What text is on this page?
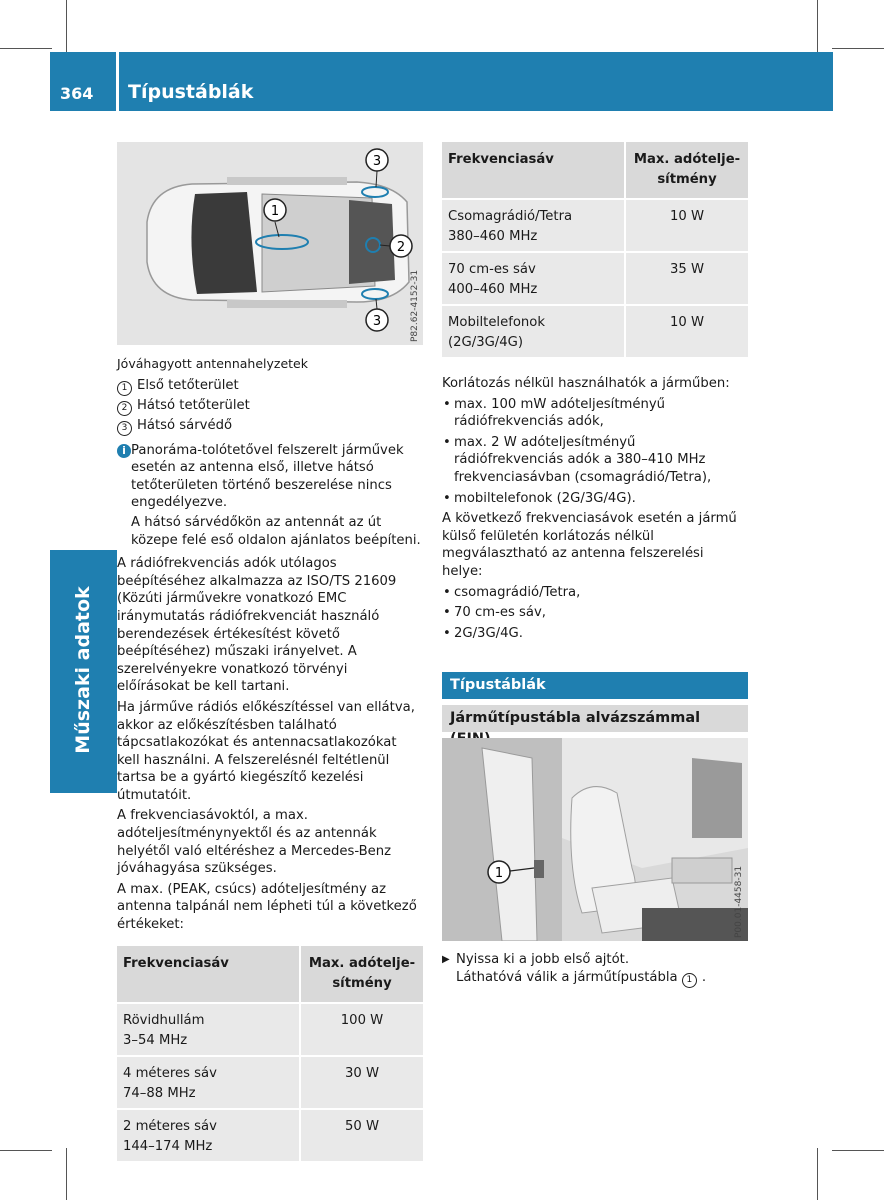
364 Típustáblák
Műszaki adatok
1
2
3
3	P82.62-4152-31
Jóváhagyott antennahelyzetek
1 Első tetőterület
2 Hátsó tetőterület
3 Hátsó sárvédő
i Panoráma-tolótetővel felszerelt járművek esetén az antenna első, illetve hátsó tetőterületen történő beszerelése nincs engedélyezve.

A hátsó sárvédőkön az antennát az út közepe felé eső oldalon ajánlatos beépíteni.

A rádiófrekvenciás adók utólagos beépítéséhez alkalmazza az ISO/TS 21609 (Közúti járművekre vonatkozó EMC iránymutatás rádiófrekvenciát használó berendezések értékesítést követő beépítéséhez) műszaki irányelvet. A szerelvényekre vonatkozó törvényi előírásokat be kell tartani.

Ha járműve rádiós előkészítéssel van ellátva, akkor az előkészítésben található tápcsatlakozókat és antennacsatlakozókat kell használni. A felszerelésnél feltétlenül tartsa be a gyártó kiegészítő kezelési útmutatóit.

A frekvenciasávoktól, a max. adóteljesítménynyektől és az antennák helyétől való eltéréshez a Mercedes-Benz jóváhagyása szükséges.

A max. (PEAK, csúcs) adóteljesítmény az antenna talpánál nem lépheti túl a következő értékeket:

Frekvenciasáv	Max. adótelje-sítmény

Rövidhullám
3–54 MHz	100 W

4 méteres sáv
74–88 MHz	30 W

2 méteres sáv
144–174 MHz	50 W
Frekvenciasáv	Max. adótelje-sítmény

Csomagrádió/Tetra
380–460 MHz	10 W

70 cm-es sáv
400–460 MHz	35 W

Mobiltelefonok
(2G/3G/4G)	10 W

Korlátozás nélkül használhatók a járműben:

• max. 100 mW adóteljesítményű rádiófrekvenciás adók,
• max. 2 W adóteljesítményű rádiófrekvenciás adók a 380–410 MHz frekvenciasávban (csomagrádió/Tetra),
• mobiltelefonok (2G/3G/4G).

A következő frekvenciasávok esetén a jármű külső felületén korlátozás nélkül megválasztható az antenna felszerelési helye:

• csomagrádió/Tetra,
• 70 cm-es sáv,
• 2G/3G/4G.
Típustáblák
Járműtípustábla alvázszámmal
1	P00.01-4458-31
▶ Nyissa ki a jobb első ajtót.
Láthatóvá válik a járműtípustábla 1 .
